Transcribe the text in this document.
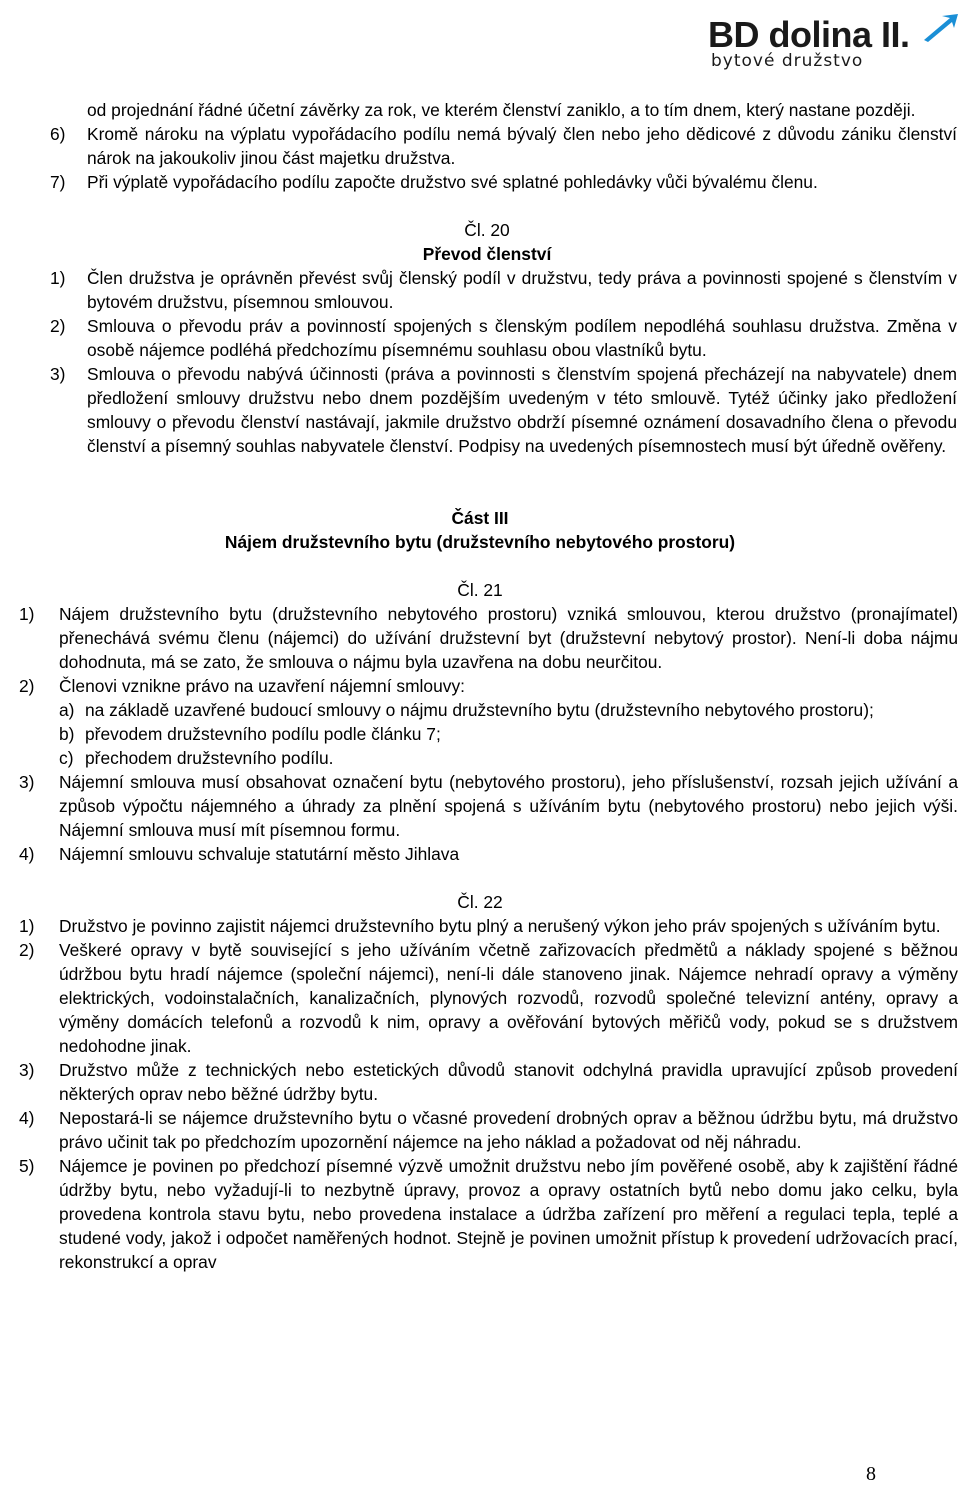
BD dolina II.
bytové družstvo
od projednání řádné účetní závěrky za rok, ve kterém členství zaniklo, a to tím dnem, který nastane později.
6) Kromě nároku na výplatu vypořádacího podílu nemá bývalý člen nebo jeho dědicové z důvodu zániku členství nárok na jakoukoliv jinou část majetku družstva.
7) Při výplatě vypořádacího podílu započte družstvo své splatné pohledávky vůči bývalému členu.
Čl. 20
Převod členství
1) Člen družstva je oprávněn převést svůj členský podíl v družstvu, tedy práva a povinnosti spojené s členstvím v bytovém družstvu, písemnou smlouvou.
2) Smlouva o převodu práv a povinností spojených s členským podílem nepodléhá souhlasu družstva. Změna v osobě nájemce podléhá předchozímu písemnému souhlasu obou vlastníků bytu.
3) Smlouva o převodu nabývá účinnosti (práva a povinnosti s členstvím spojená přecházejí na nabyvatele) dnem předložení smlouvy družstvu nebo dnem pozdějším uvedeným v této smlouvě. Tytéž účinky jako předložení smlouvy o převodu členství nastávají, jakmile družstvo obdrží písemné oznámení dosavadního člena o převodu členství a písemný souhlas nabyvatele členství. Podpisy na uvedených písemnostech musí být úředně ověřeny.
Část III
Nájem družstevního bytu (družstevního nebytového prostoru)
Čl. 21
1) Nájem družstevního bytu (družstevního nebytového prostoru) vzniká smlouvou, kterou družstvo (pronajímatel) přenechává svému členu (nájemci) do užívání družstevní byt (družstevní nebytový prostor). Není-li doba nájmu dohodnuta, má se zato, že smlouva o nájmu byla uzavřena na dobu neurčitou.
2) Členovi vznikne právo na uzavření nájemní smlouvy:
a) na základě uzavřené budoucí smlouvy o nájmu družstevního bytu (družstevního nebytového prostoru);
b) převodem družstevního podílu podle článku 7;
c) přechodem družstevního podílu.
3) Nájemní smlouva musí obsahovat označení bytu (nebytového prostoru), jeho příslušenství, rozsah jejich užívání a způsob výpočtu nájemného a úhrady za plnění spojená s užíváním bytu (nebytového prostoru) nebo jejich výši. Nájemní smlouva musí mít písemnou formu.
4) Nájemní smlouvu schvaluje statutární město Jihlava
Čl. 22
1) Družstvo je povinno zajistit nájemci družstevního bytu plný a nerušený výkon jeho práv spojených s užíváním bytu.
2) Veškeré opravy v bytě související s jeho užíváním včetně zařizovacích předmětů a náklady spojené s běžnou údržbou bytu hradí nájemce (společní nájemci), není-li dále stanoveno jinak. Nájemce nehradí opravy a výměny elektrických, vodoinstalačních, kanalizačních, plynových rozvodů, rozvodů společné televizní antény, opravy a výměny domácích telefonů a rozvodů k nim, opravy a ověřování bytových měřičů vody, pokud se s družstvem nedohodne jinak.
3) Družstvo může z technických nebo estetických důvodů stanovit odchylná pravidla upravující způsob provedení některých oprav nebo běžné údržby bytu.
4) Nepostará-li se nájemce družstevního bytu o včasné provedení drobných oprav a běžnou údržbu bytu, má družstvo právo učinit tak po předchozím upozornění nájemce na jeho náklad a požadovat od něj náhradu.
5) Nájemce je povinen po předchozí písemné výzvě umožnit družstvu nebo jím pověřené osobě, aby k zajištění řádné údržby bytu, nebo vyžadují-li to nezbytně úpravy, provoz a opravy ostatních bytů nebo domu jako celku, byla provedena kontrola stavu bytu, nebo provedena instalace a údržba zařízení pro měření a regulaci tepla, teplé a studené vody, jakož i odpočet naměřených hodnot. Stejně je povinen umožnit přístup k provedení udržovacích prací, rekonstrukcí a oprav
8
